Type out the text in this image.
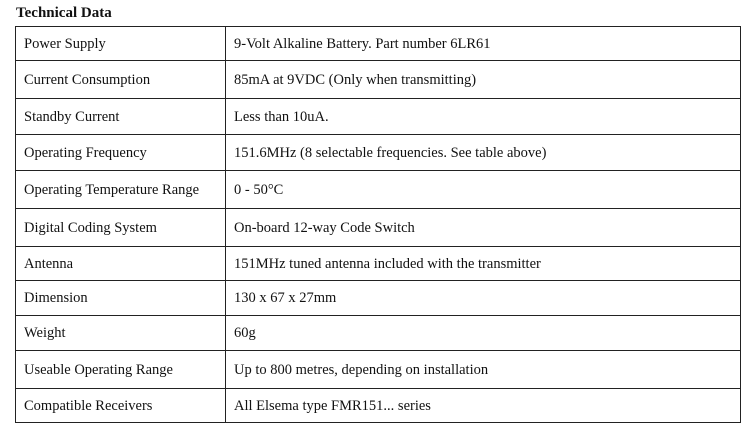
Technical Data
Power Supply	9-Volt Alkaline Battery. Part number 6LR61
Current Consumption	85mA at 9VDC (Only when transmitting)
Standby Current	Less than 10uA.
Operating Frequency	151.6MHz (8 selectable frequencies. See table above)
Operating Temperature Range	0 - 50°C
Digital Coding System	On-board 12-way Code Switch
Antenna	151MHz tuned antenna included with the transmitter
Dimension	130 x 67 x 27mm
Weight	60g
Useable Operating Range	Up to 800 metres, depending on installation
Compatible Receivers	All Elsema type FMR151... series
